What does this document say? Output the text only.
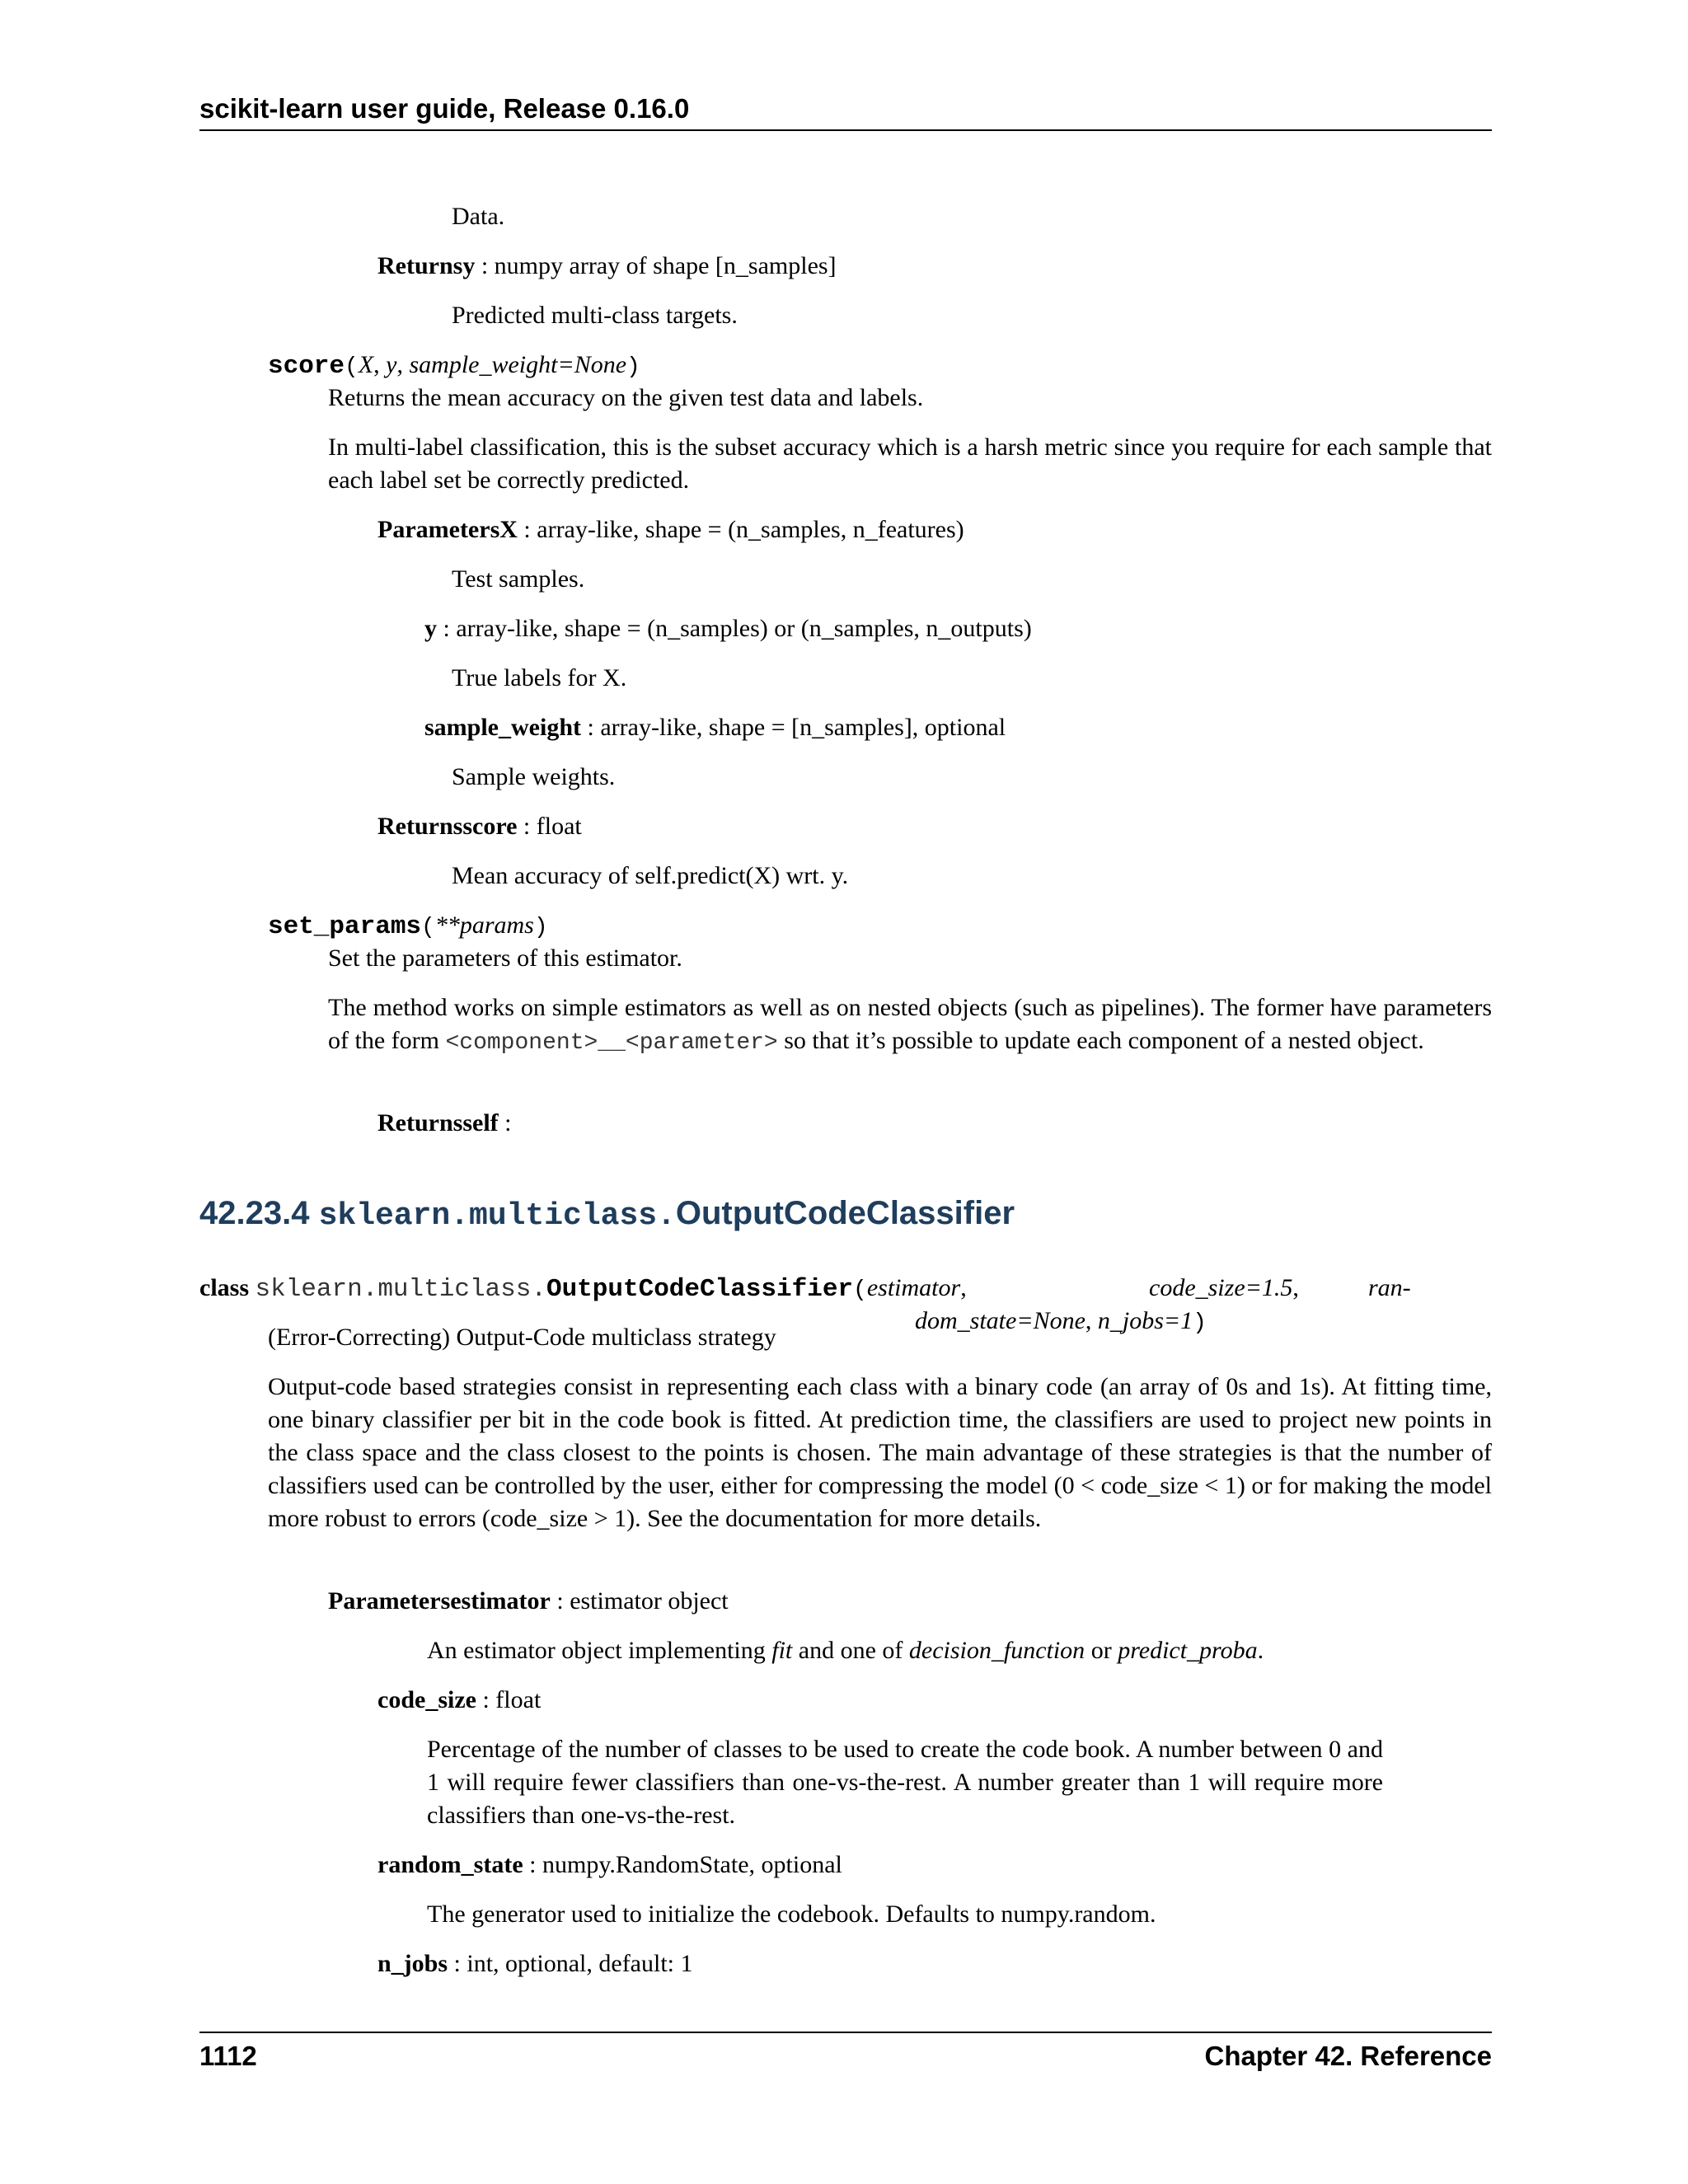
scikit-learn user guide, Release 0.16.0
Data.
Returnsy : numpy array of shape [n_samples]
Predicted multi-class targets.
score(X, y, sample_weight=None)
Returns the mean accuracy on the given test data and labels.
In multi-label classification, this is the subset accuracy which is a harsh metric since you require for each sample that each label set be correctly predicted.
ParametersX : array-like, shape = (n_samples, n_features)
Test samples.
y : array-like, shape = (n_samples) or (n_samples, n_outputs)
True labels for X.
sample_weight : array-like, shape = [n_samples], optional
Sample weights.
Returnsscore : float
Mean accuracy of self.predict(X) wrt. y.
set_params(**params)
Set the parameters of this estimator.
The method works on simple estimators as well as on nested objects (such as pipelines). The former have parameters of the form <component>__<parameter> so that it’s possible to update each component of a nested object.
Returnsself :
42.23.4 sklearn.multiclass.OutputCodeClassifier
class sklearn.multiclass.OutputCodeClassifier(estimator,	code_size=1.5,	ran-
dom_state=None, n_jobs=1)
(Error-Correcting) Output-Code multiclass strategy
Output-code based strategies consist in representing each class with a binary code (an array of 0s and 1s). At fitting time, one binary classifier per bit in the code book is fitted. At prediction time, the classifiers are used to project new points in the class space and the class closest to the points is chosen. The main advantage of these strategies is that the number of classifiers used can be controlled by the user, either for compressing the model (0 < code_size < 1) or for making the model more robust to errors (code_size > 1). See the documentation for more details.
Parametersestimator : estimator object
An estimator object implementing fit and one of decision_function or predict_proba.
code_size : float
Percentage of the number of classes to be used to create the code book. A number between 0 and 1 will require fewer classifiers than one-vs-the-rest. A number greater than 1 will require more classifiers than one-vs-the-rest.
random_state : numpy.RandomState, optional
The generator used to initialize the codebook. Defaults to numpy.random.
n_jobs : int, optional, default: 1
1112	Chapter 42. Reference
